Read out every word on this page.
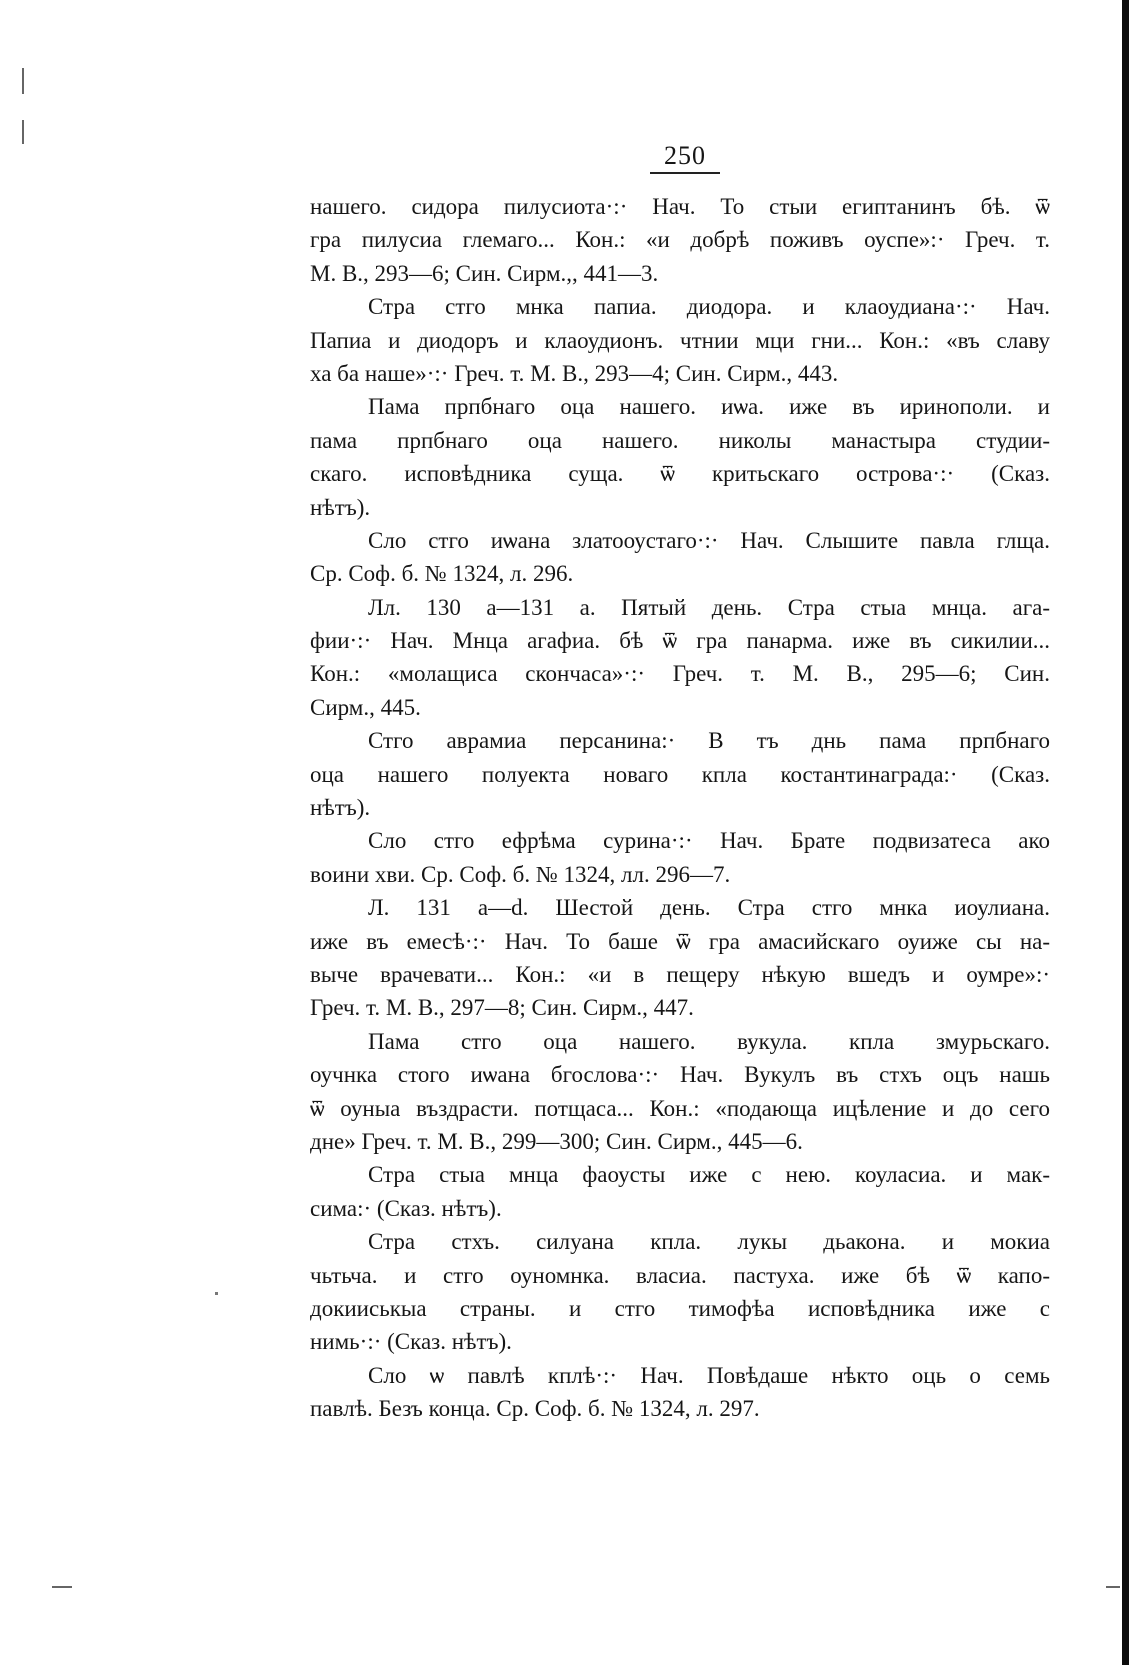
250
нашего. сидора пилусиота·:· Нач. То стыи египтанинъ бѣ. ѿ
гра пилусиа глемаго... Кон.: «и добрѣ поживъ оуспе»:· Греч. т.
М. В., 293—6; Син. Сирм.,, 441—3.
Стра стго мнка папиа. диодора. и клаоудиана·:· Нач.
Папиа и диодоръ и клаоудионъ. чтнии мци гни... Кон.: «въ славу
ха ба наше»·:· Греч. т. М. В., 293—4; Син. Сирм., 443.
Пама прпбнаго оца нашего. иѡа. иже въ иринополи. и
пама прпбнаго оца нашего. николы манастыра студии-
скаго. исповѣдника суща. ѿ критьскаго острова·:· (Сказ.
нѣтъ).
Сло стго иѡана златооустаго·:· Нач. Слышите павла глща.
Ср. Соф. б. № 1324, л. 296.
Лл. 130 а—131 а. Пятый день. Стра стыа мнца. ага-
фии·:· Нач. Мнца агафиа. бѣ ѿ гра панарма. иже въ сикилии...
Кон.: «молащиса скончаса»·:· Греч. т. М. В., 295—6; Син.
Сирм., 445.
Стго аврамиа персанина:· В тъ днь пама прпбнаго
оца нашего полуекта новаго кпла костантинаграда:· (Сказ.
нѣтъ).
Сло стго ефрѣма сурина·:· Нач. Брате подвизатеса ако
воини хви. Ср. Соф. б. № 1324, лл. 296—7.
Л. 131 a—d. Шестой день. Стра стго мнка иоулиана.
иже въ емесѣ·:· Нач. То баше ѿ гра амасийскаго оуиже сы на-
выче врачевати... Кон.: «и в пещеру нѣкую вшедъ и оумре»:·
Греч. т. М. В., 297—8; Син. Сирм., 447.
Пама стго оца нашего. вукула. кпла змурьскаго.
оучнка стого иѡана бгослова·:· Нач. Вукулъ въ стхъ оцъ нашь
ѿ оуныа въздрасти. потщаса... Кон.: «подающа ицѣление и до сего
дне» Греч. т. М. В., 299—300; Син. Сирм., 445—6.
Стра стыа мнца фаоусты иже с нею. коуласиа. и мак-
сима:· (Сказ. нѣтъ).
Стра стхъ. силуана кпла. лукы дьакона. и мокиа
чьтьча. и стго оуномнка. власиа. пастуха. иже бѣ ѿ капо-
докииськыа страны. и стго тимофѣа исповѣдника иже с
нимь·:· (Сказ. нѣтъ).
Сло ѡ павлѣ кплѣ·:· Нач. Повѣдаше нѣкто оць о семь
павлѣ. Безъ конца. Ср. Соф. б. № 1324, л. 297.
